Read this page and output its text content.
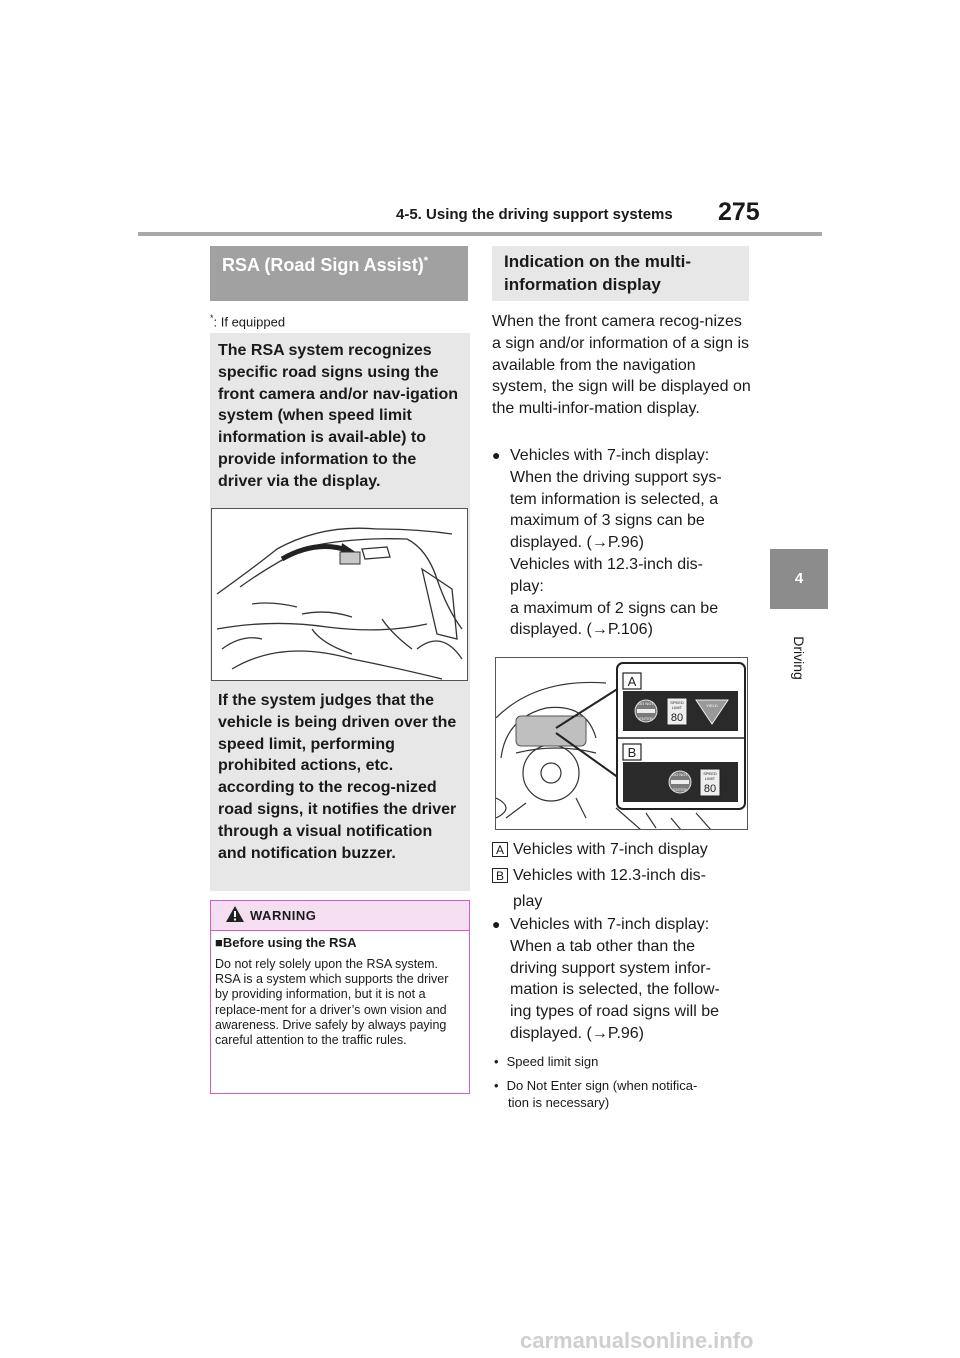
4-5. Using the driving support systems 275
4
Driving
RSA (Road Sign Assist)*
*: If equipped
The RSA system recognizes specific road signs using the front camera and/or nav-igation system (when speed limit information is avail-able) to provide information to the driver via the display.
If the system judges that the vehicle is being driven over the speed limit, performing prohibited actions, etc. according to the recog-nized road signs, it notifies the driver through a visual notification and notification buzzer.
WARNING
■Before using the RSA
Do not rely solely upon the RSA system. RSA is a system which supports the driver by providing information, but it is not a replace-ment for a driver’s own vision and awareness. Drive safely by always paying careful attention to the traffic rules.
Indication on the multi-information display
When the front camera recog-nizes a sign and/or information of a sign is available from the navigation system, the sign will be displayed on the multi-infor-mation display.
● Vehicles with 7-inch display:
When the driving support sys-
tem information is selected, a
maximum of 3 signs can be
displayed. (→P.96)
Vehicles with 12.3-inch dis-
play:
a maximum of 2 signs can be
displayed. (→P.106)
A
B
DO NOT
ENTER
SPEED
LIMIT
80
YIELD
DO NOT
ENTER
SPEED
LIMIT
80
A Vehicles with 7-inch display
B Vehicles with 12.3-inch dis-
play
● Vehicles with 7-inch display:
When a tab other than the
driving support system infor-
mation is selected, the follow-
ing types of road signs will be
displayed. (→P.96)
• Speed limit sign
• Do Not Enter sign (when notifica-
tion is necessary)
carmanualsonline.info
